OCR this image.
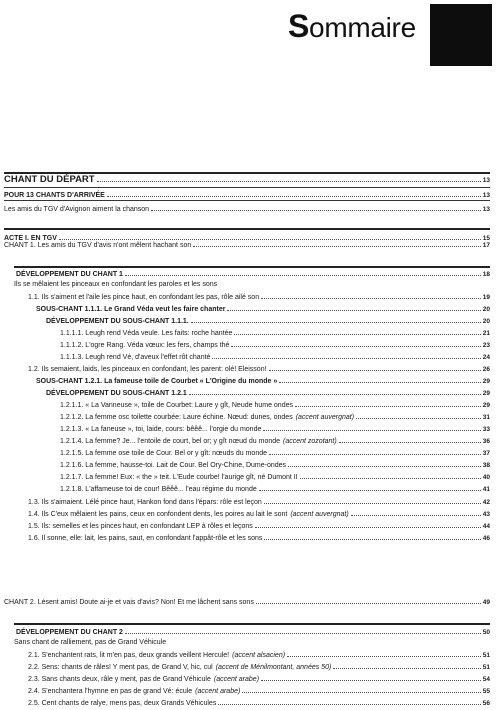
Sommaire
CHANT DU DÉPART	13
POUR 13 CHANTS D'ARRIVÉE	13
Les amis du TGV d'Avignon aiment la chanson	13
ACTE I. EN TGV	15
CHANT 1. Les amis du TGV d'avis n'ont mêlent hachant son	17
DÉVELOPPEMENT DU CHANT 1	18
Ils se mêlaient les pinceaux en confondant les paroles et les sons
1.1. Ils s'aiment et l'aile les pince haut, en confondant les pas, rôle ailé son	19
SOUS-CHANT 1.1.1. Le Grand Véda veut les faire chanter	20
DÉVELOPPEMENT DU SOUS-CHANT 1.1.1.	20
1.1.1.1. Leugh rend Véda veule. Les faits: roche hantée	21
1.1.1.2. L'ogre Rang. Véda vœux: les fers, champs thé	23
1.1.1.3. Leugh rend Vé, d'aveux l'effet rôt chanté	24
1.2. Ils semaient, laids, les pinceaux en confondant, les parent: olé! Eleisson!	26
SOUS-CHANT 1.2.1. La fameuse toile de Courbet « L'Origine du monde »	29
DÉVELOPPEMENT DU SOUS-CHANT 1.2.1	29
1.2.1.1. « La Vanneuse », toile de Courbet: Laure y gît, Neude hume ondes	29
1.2.1.2. La femme osc toilette courbée: Laure échine. Nœud: dunes, ondes (accent auvergnat)	31
1.2.1.3. « La faneuse », toi, laide, cours: bêêê... l'orgie du monde	33
1.2.1.4. La femme? Je... l'entoile de court, bel or; y gît nœud du monde (accent zozotant)	36
1.2.1.5. La femme ose toile de Cour. Bel or y gît: nœuds du monde	37
1.2.1.6. La femme, hausse-toi. Lait de Cour. Bel Ory-Chine, Dume-ondes	38
1.2.1.7. La femme! Eux: « the » teit. L'Eude courbe! l'aurige gît, né Dumont II	40
1.2.1.8. L'affameuse toi de cour! Bêêê... l'eau régime du monde	41
1.3. Ils s'aimaient. Lélé pince haut, Hankon fond dans l'épars: rôle est leçon	42
1.4. Ils C'eux mêlaient les pains, ceux en confondent dents, les poires au lait le sont (accent auvergnat)	43
1.5. Ils: semelles et les pinces haut, en confondant LEP à rôles et leçons	44
1.6. Il sonne, elle: lait, les pains, saut, en confondant l'appât-rôle et les sons	46
CHANT 2. Lésent amis! Doute ai-je et vais d'avis? Non! Et me lâchent sans sons	49
DÉVELOPPEMENT DU CHANT 2	50
Sans chant de ralliement, pas de Grand Véhicule
2.1. S'enchantent rats, lit m'en pas, deux grands veillent Hercule! (accent alsacien)	51
2.2. Sens: chants de râles! Y ment pas, de Grand V, hic, cul (accent de Ménilmontant, années 50)	51
2.3. Sans chants deux, râle y ment, pas de Grand Véhicule (accent arabe)	54
2.4. S'enchantera l'hymne en pas de grand Vé: écule (accent arabe)	55
2.5. Cent chants de ralye, mens pas, deux Grands Véhicules	56
